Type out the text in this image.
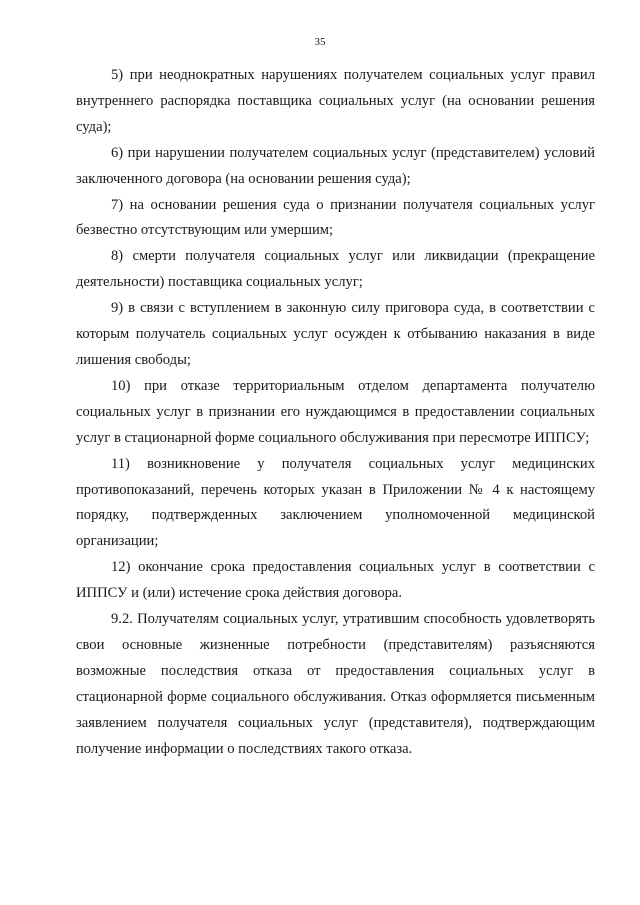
35

5) при неоднократных нарушениях получателем социальных услуг правил внутреннего распорядка поставщика социальных услуг (на основании решения суда);

6) при нарушении получателем социальных услуг (представителем) условий заключенного договора (на основании решения суда);

7) на основании решения суда о признании получателя социальных услуг безвестно отсутствующим или умершим;

8) смерти получателя социальных услуг или ликвидации (прекращение деятельности) поставщика социальных услуг;

9) в связи с вступлением в законную силу приговора суда, в соответствии с которым получатель социальных услуг осужден к отбыванию наказания в виде лишения свободы;

10) при отказе территориальным отделом департамента получателю социальных услуг в признании его нуждающимся в предоставлении социальных услуг в стационарной форме социального обслуживания при пересмотре ИППСУ;

11) возникновение у получателя социальных услуг медицинских противопоказаний, перечень которых указан в Приложении № 4 к настоящему порядку, подтвержденных заключением уполномоченной медицинской организации;

12) окончание срока предоставления социальных услуг в соответствии с ИППСУ и (или) истечение срока действия договора.

9.2. Получателям социальных услуг, утратившим способность удовлетворять свои основные жизненные потребности (представителям) разъясняются возможные последствия отказа от предоставления социальных услуг в стационарной форме социального обслуживания. Отказ оформляется письменным заявлением получателя социальных услуг (представителя), подтверждающим получение информации о последствиях такого отказа.
